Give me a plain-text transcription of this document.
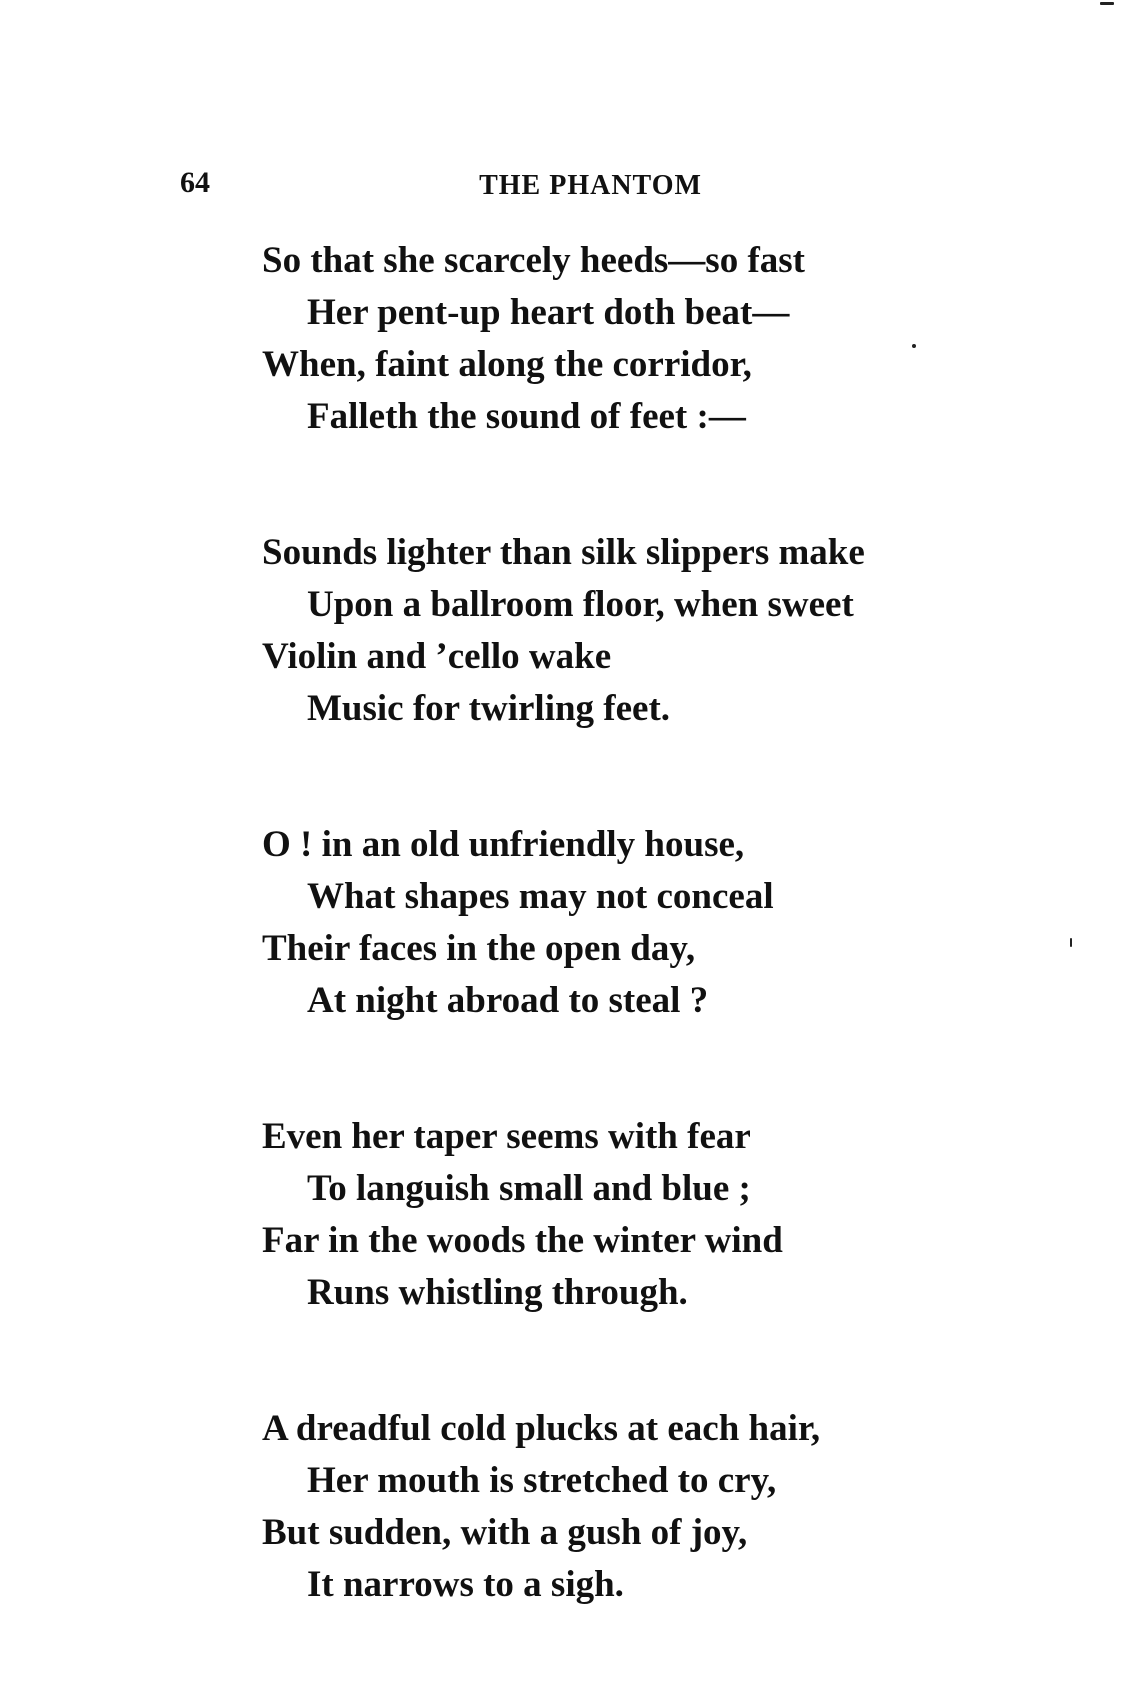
64	THE PHANTOM
So that she scarcely heeds—so fast
Her pent-up heart doth beat—
When, faint along the corridor,
Falleth the sound of feet :—
Sounds lighter than silk slippers make
Upon a ballroom floor, when sweet
Violin and ’cello wake
Music for twirling feet.
O ! in an old unfriendly house,
What shapes may not conceal
Their faces in the open day,
At night abroad to steal ?
Even her taper seems with fear
To languish small and blue ;
Far in the woods the winter wind
Runs whistling through.
A dreadful cold plucks at each hair,
Her mouth is stretched to cry,
But sudden, with a gush of joy,
It narrows to a sigh.
